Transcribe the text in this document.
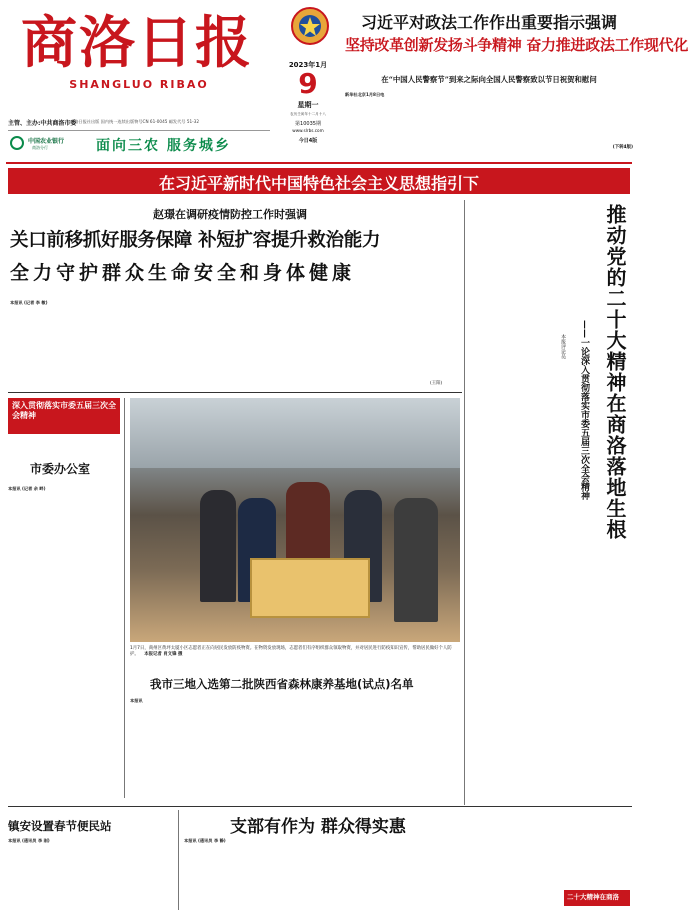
商洛日报
SHANGLUO RIBAO
主管、主办:中共商洛市委
商洛日报社出版 国内统一连续出版物号CN 61-0045 邮发代号 51-32
中国农业银行
商洛分行	面向三农 服务城乡
2023年1月
9
星期一
农历壬寅年十二月十八
第10035期
www.slrbs.com
今日4版
习近平对政法工作作出重要指示强调
坚持改革创新发扬斗争精神 奋力推进政法工作现代化
在“中国人民警察节”到来之际向全国人民警察致以节日祝贺和慰问
新华社北京1月8日电
(下转4版)
在习近平新时代中国特色社会主义思想指引下
赵璟在调研疫情防控工作时强调
关口前移抓好服务保障 补短扩容提升救治能力
全力守护群众生命安全和身体健康
本报讯 (记者 李 敏)
(王阳)	推动党的二十大精神在商洛落地生根
——一论深入贯彻落实市委五届三次全会精神
本报评论员
深入贯彻落实市委五届三次全会精神
市委办公室
本报讯 (记者 余 畔)
1月7日，商州区黄坪太厦小区志愿者正在向居民发放防疫物资。在物资发放现场，志愿者们有序组织群众领取物资，并对居民进行防疫知识宣传，帮助居民做好个人防护。 本报记者 肖文锋 摄
我市三地入选第二批陕西省森林康养基地(试点)名单
本报讯
镇安设置春节便民站
本报讯 (通讯员 李 刚)
支部有作为 群众得实惠
本报讯 (通讯员 李 静)
二十大精神在商洛
